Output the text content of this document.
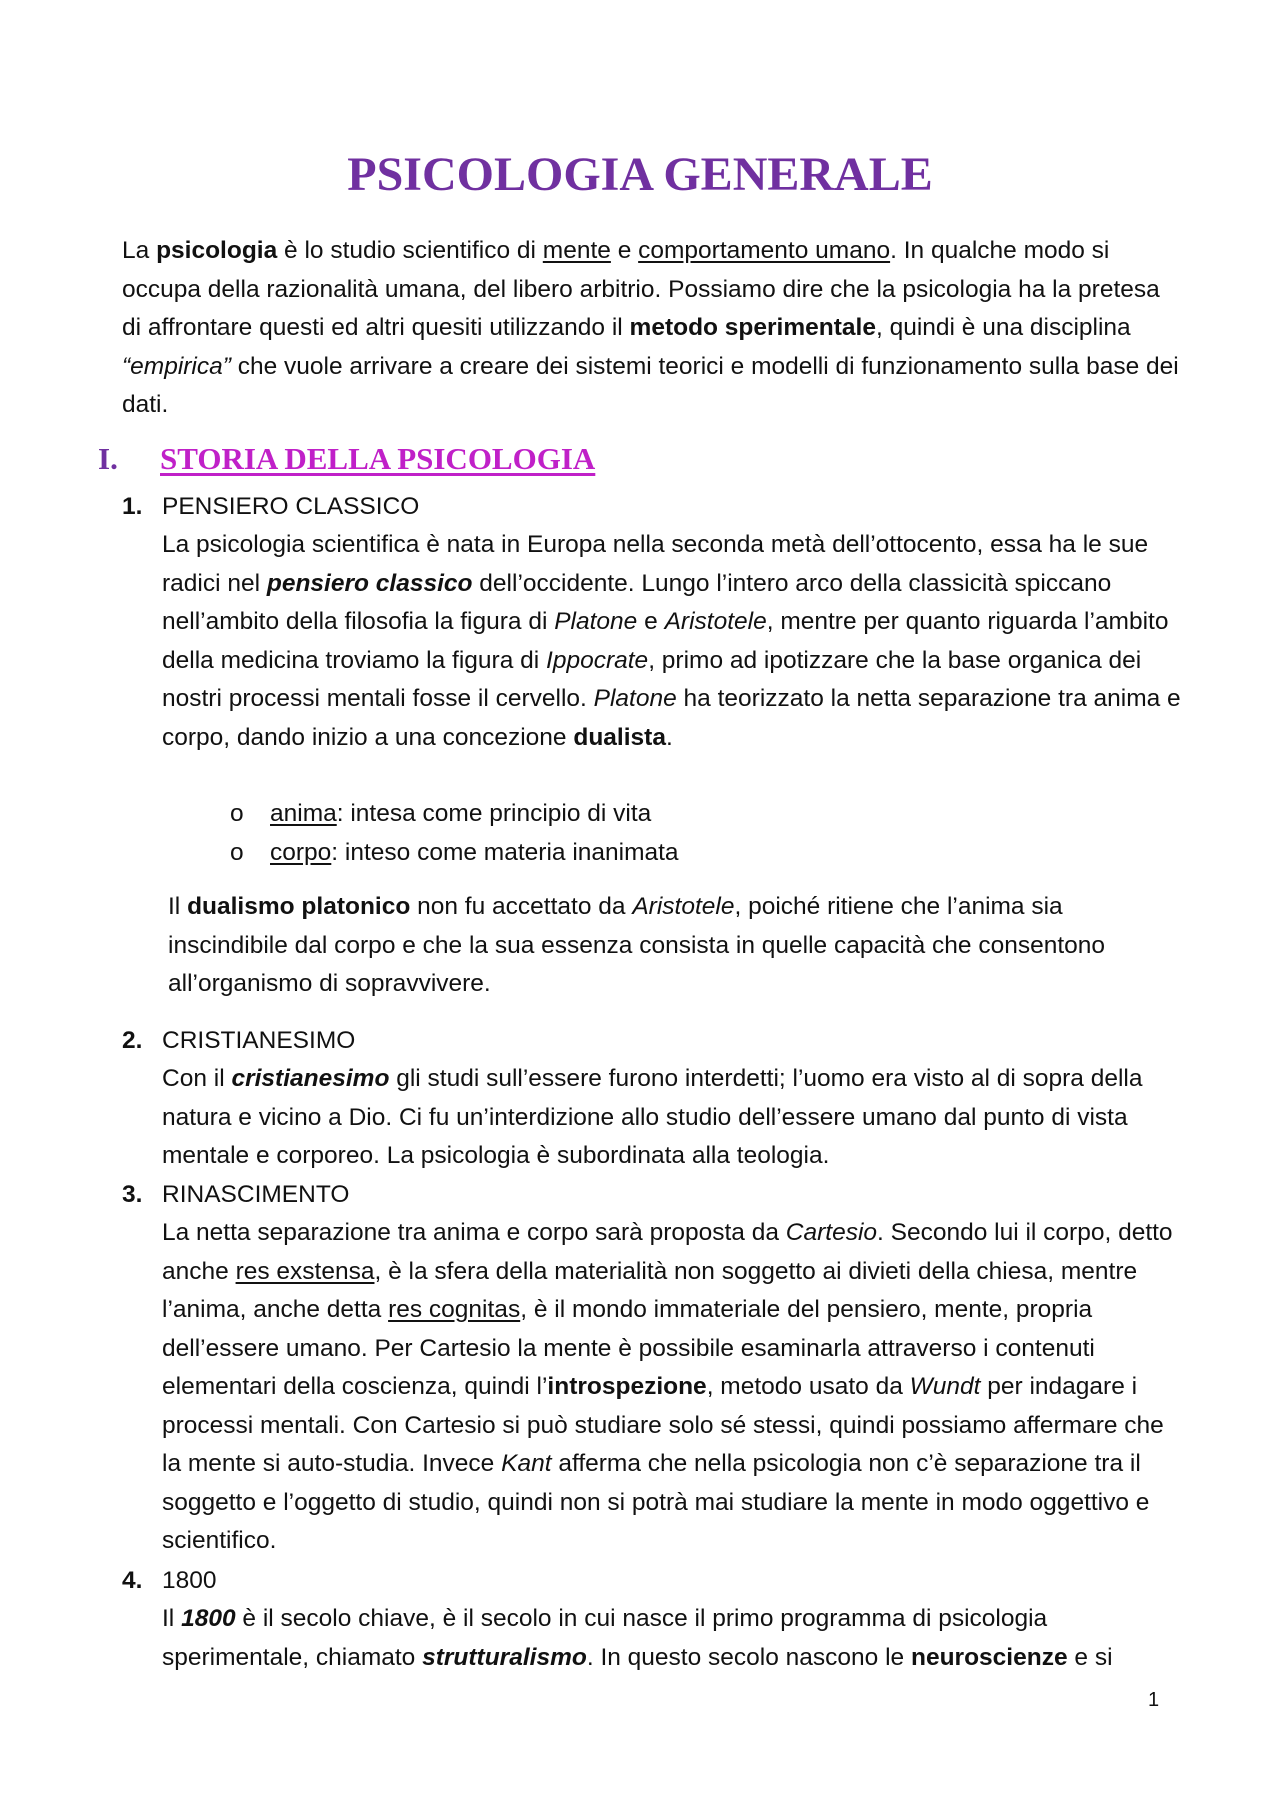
PSICOLOGIA GENERALE

La psicologia è lo studio scientifico di mente e comportamento umano. In qualche modo si occupa della razionalità umana, del libero arbitrio. Possiamo dire che la psicologia ha la pretesa di affrontare questi ed altri quesiti utilizzando il metodo sperimentale, quindi è una disciplina “empirica” che vuole arrivare a creare dei sistemi teorici e modelli di funzionamento sulla base dei dati.

I. STORIA DELLA PSICOLOGIA
1. PENSIERO CLASSICO

La psicologia scientifica è nata in Europa nella seconda metà dell’ottocento, essa ha le sue radici nel pensiero classico dell’occidente. Lungo l’intero arco della classicità spiccano nell’ambito della filosofia la figura di Platone e Aristotele, mentre per quanto riguarda l’ambito della medicina troviamo la figura di Ippocrate, primo ad ipotizzare che la base organica dei nostri processi mentali fosse il cervello. Platone ha teorizzato la netta separazione tra anima e corpo, dando inizio a una concezione dualista.

o	anima: intesa come principio di vita
o	corpo: inteso come materia inanimata

Il dualismo platonico non fu accettato da Aristotele, poiché ritiene che l’anima sia inscindibile dal corpo e che la sua essenza consista in quelle capacità che consentono all’organismo di sopravvivere.

2. CRISTIANESIMO

Con il cristianesimo gli studi sull’essere furono interdetti; l’uomo era visto al di sopra della natura e vicino a Dio. Ci fu un’interdizione allo studio dell’essere umano dal punto di vista mentale e corporeo. La psicologia è subordinata alla teologia.

3. RINASCIMENTO

La netta separazione tra anima e corpo sarà proposta da Cartesio. Secondo lui il corpo, detto anche res exstensa, è la sfera della materialità non soggetto ai divieti della chiesa, mentre l’anima, anche detta res cognitas, è il mondo immateriale del pensiero, mente, propria dell’essere umano. Per Cartesio la mente è possibile esaminarla attraverso i contenuti elementari della coscienza, quindi l’introspezione, metodo usato da Wundt per indagare i processi mentali. Con Cartesio si può studiare solo sé stessi, quindi possiamo affermare che la mente si auto-studia. Invece Kant afferma che nella psicologia non c’è separazione tra il soggetto e l’oggetto di studio, quindi non si potrà mai studiare la mente in modo oggettivo e scientifico.

4. 1800

Il 1800 è il secolo chiave, è il secolo in cui nasce il primo programma di psicologia sperimentale, chiamato strutturalismo. In questo secolo nascono le neuroscienze e si

1
